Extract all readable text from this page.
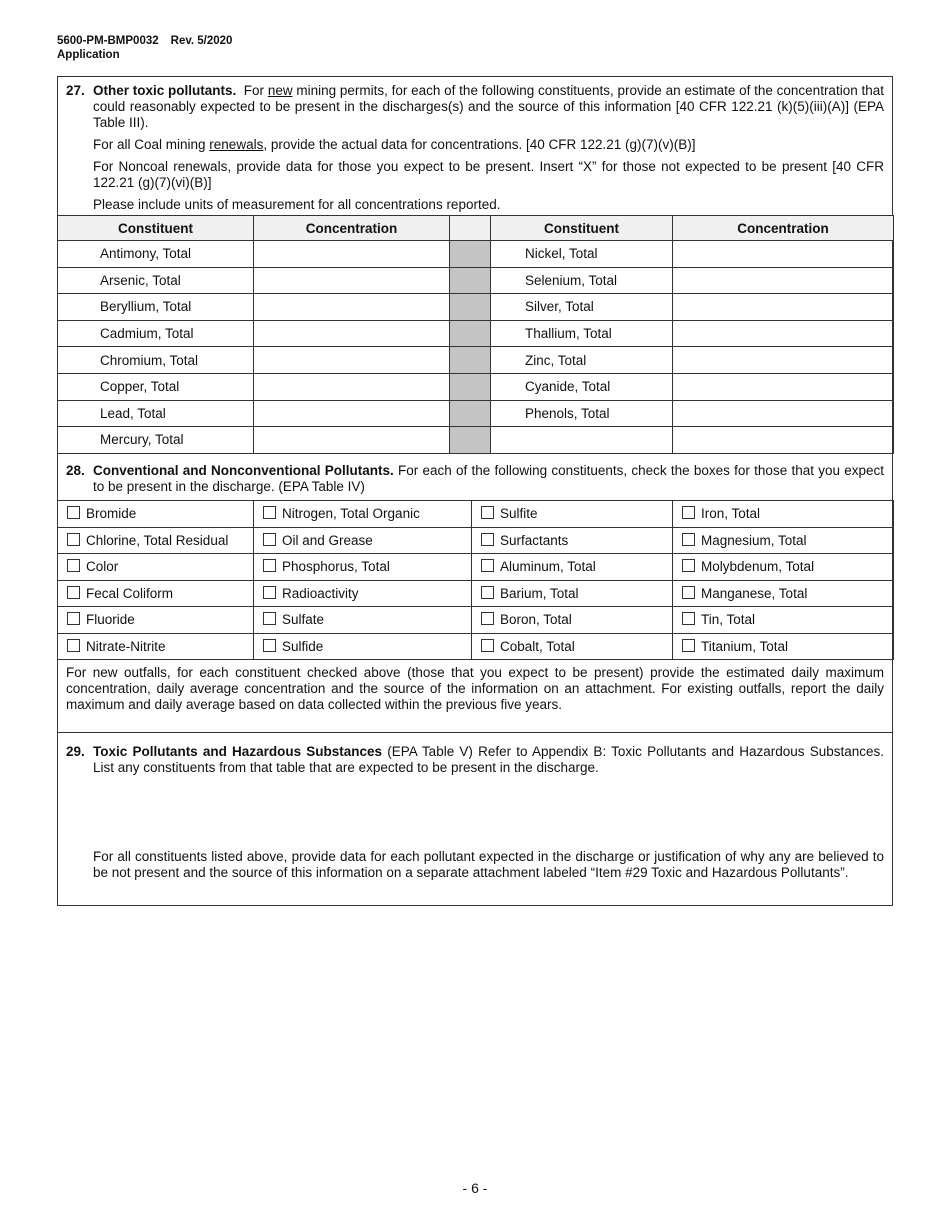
5600-PM-BMP0032 Rev. 5/2020
Application
27. Other toxic pollutants. For new mining permits, for each of the following constituents, provide an estimate of the concentration that could reasonably expected to be present in the discharges(s) and the source of this information [40 CFR 122.21 (k)(5)(iii)(A)] (EPA Table III).

For all Coal mining renewals, provide the actual data for concentrations. [40 CFR 122.21 (g)(7)(v)(B)]

For Noncoal renewals, provide data for those you expect to be present. Insert “X” for those not expected to be present [40 CFR 122.21 (g)(7)(vi)(B)]

Please include units of measurement for all concentrations reported.

Constituent	Concentration		Constituent	Concentration
Antimony, Total			Nickel, Total	
Arsenic, Total			Selenium, Total	
Beryllium, Total			Silver, Total	
Cadmium, Total			Thallium, Total	
Chromium, Total			Zinc, Total	
Copper, Total			Cyanide, Total	
Lead, Total			Phenols, Total	
Mercury, Total				
28. Conventional and Nonconventional Pollutants. For each of the following constituents, check the boxes for those that you expect to be present in the discharge. (EPA Table IV)
Bromide	Nitrogen, Total Organic	Sulfite	Iron, Total
Chlorine, Total Residual	Oil and Grease	Surfactants	Magnesium, Total
Color	Phosphorus, Total	Aluminum, Total	Molybdenum, Total
Fecal Coliform	Radioactivity	Barium, Total	Manganese, Total
Fluoride	Sulfate	Boron, Total	Tin, Total
Nitrate-Nitrite	Sulfide	Cobalt, Total	Titanium, Total
For new outfalls, for each constituent checked above (those that you expect to be present) provide the estimated daily maximum concentration, daily average concentration and the source of the information on an attachment. For existing outfalls, report the daily maximum and daily average based on data collected within the previous five years.
29. Toxic Pollutants and Hazardous Substances (EPA Table V) Refer to Appendix B: Toxic Pollutants and Hazardous Substances. List any constituents from that table that are expected to be present in the discharge.
For all constituents listed above, provide data for each pollutant expected in the discharge or justification of why any are believed to be not present and the source of this information on a separate attachment labeled “Item #29 Toxic and Hazardous Pollutants”.
- 6 -
